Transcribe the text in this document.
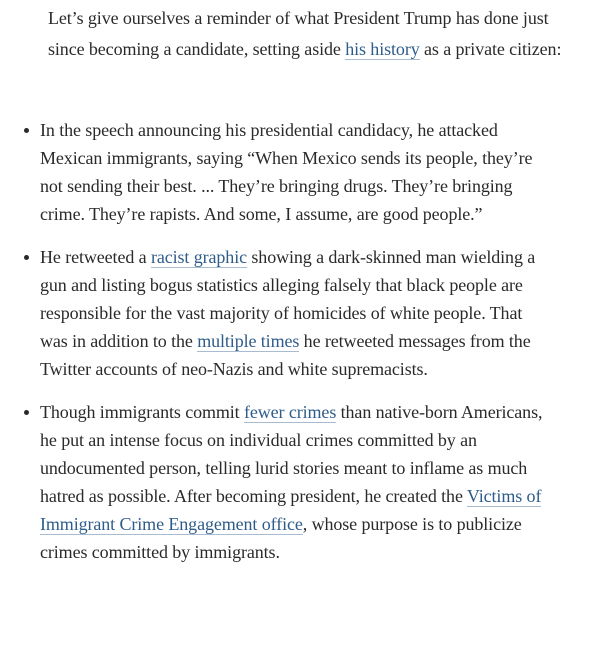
Let’s give ourselves a reminder of what President Trump has done just since becoming a candidate, setting aside his history as a private citizen:

In the speech announcing his presidential candidacy, he attacked Mexican immigrants, saying “When Mexico sends its people, they’re not sending their best. ... They’re bringing drugs. They’re bringing crime. They’re rapists. And some, I assume, are good people.”
He retweeted a racist graphic showing a dark-skinned man wielding a gun and listing bogus statistics alleging falsely that black people are responsible for the vast majority of homicides of white people. That was in addition to the multiple times he retweeted messages from the Twitter accounts of neo-Nazis and white supremacists.
Though immigrants commit fewer crimes than native-born Americans, he put an intense focus on individual crimes committed by an undocumented person, telling lurid stories meant to inflame as much hatred as possible. After becoming president, he created the Victims of Immigrant Crime Engagement office, whose purpose is to publicize crimes committed by immigrants.
